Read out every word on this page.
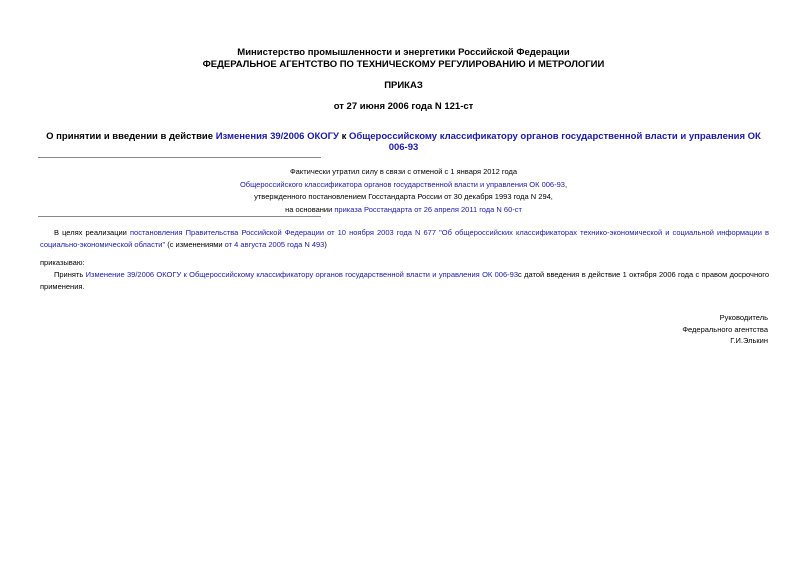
Министерство промышленности и энергетики Российской Федерации
ФЕДЕРАЛЬНОЕ АГЕНТСТВО ПО ТЕХНИЧЕСКОМУ РЕГУЛИРОВАНИЮ И МЕТРОЛОГИИ
ПРИКАЗ
от 27 июня 2006 года N 121-ст
О принятии и введении в действие Изменения 39/2006 ОКОГУ к Общероссийскому классификатору органов государственной власти и управления ОК 006-93
Фактически утратил силу в связи с отменой с 1 января 2012 года
Общероссийского классификатора органов государственной власти и управления ОК 006-93,
утвержденного постановлением Госстандарта России от 30 декабря 1993 года N 294,
на основании приказа Росстандарта от 26 апреля 2011 года N 60-ст
В целях реализации постановления Правительства Российской Федерации от 10 ноября 2003 года N 677 "Об общероссийских классификаторах технико-экономической и социальной информации в социально-экономической области" (с изменениями от 4 августа 2005 года N 493)
приказываю:
Принять Изменение 39/2006 ОКОГУ к Общероссийскому классификатору органов государственной власти и управления ОК 006-93с датой введения в действие 1 октября 2006 года с правом досрочного применения.
Руководитель
Федерального агентства
Г.И.Элькин
